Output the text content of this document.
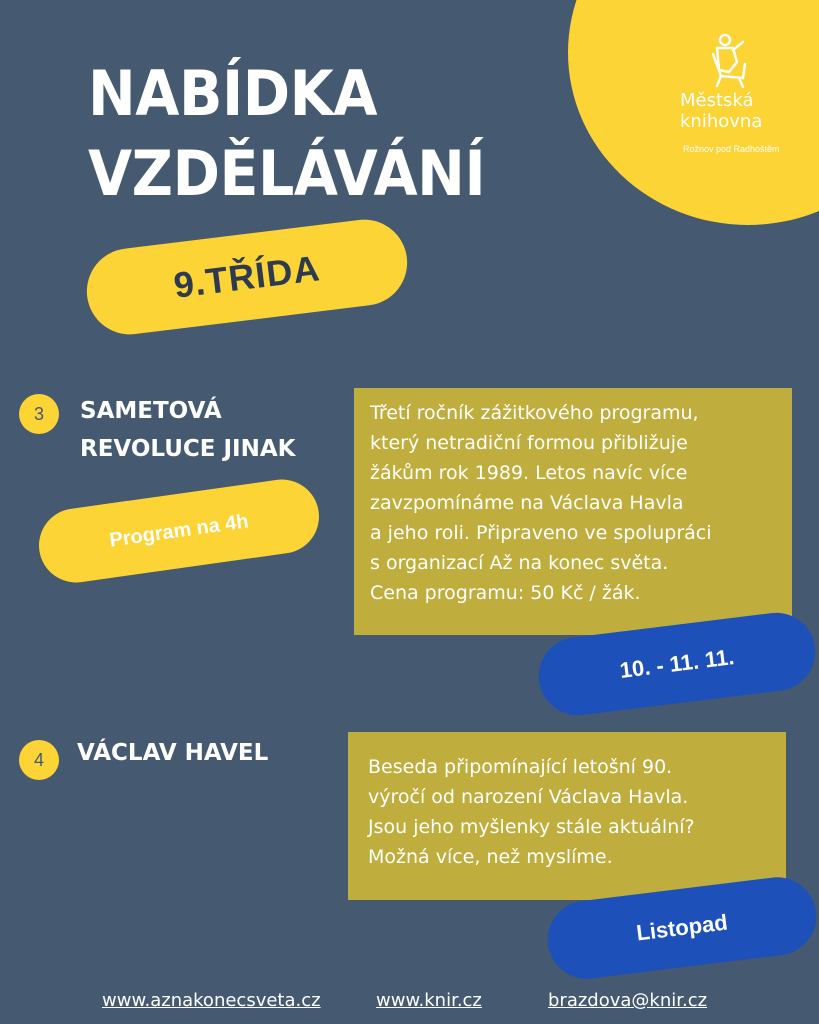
Městská
knihovna
Rožnov pod Radhoštěm
NABÍDKA
VZDĚLÁVÁNÍ
9.TŘÍDA
3	SAMETOVÁ
REVOLUCE JINAK
Program na 4h
Třetí ročník zážitkového programu,
který netradiční formou přibližuje
žákům rok 1989. Letos navíc více
zavzpomínáme na Václava Havla
a jeho roli. Připraveno ve spolupráci
s organizací Až na konec světa.
Cena programu: 50 Kč / žák.
10. - 11. 11.
4	VÁCLAV HAVEL
Beseda připomínající letošní 90.
výročí od narození Václava Havla.
Jsou jeho myšlenky stále aktuální?
Možná více, než myslíme.
Listopad
www.aznakonecsveta.cz	www.knir.cz	brazdova@knir.cz
